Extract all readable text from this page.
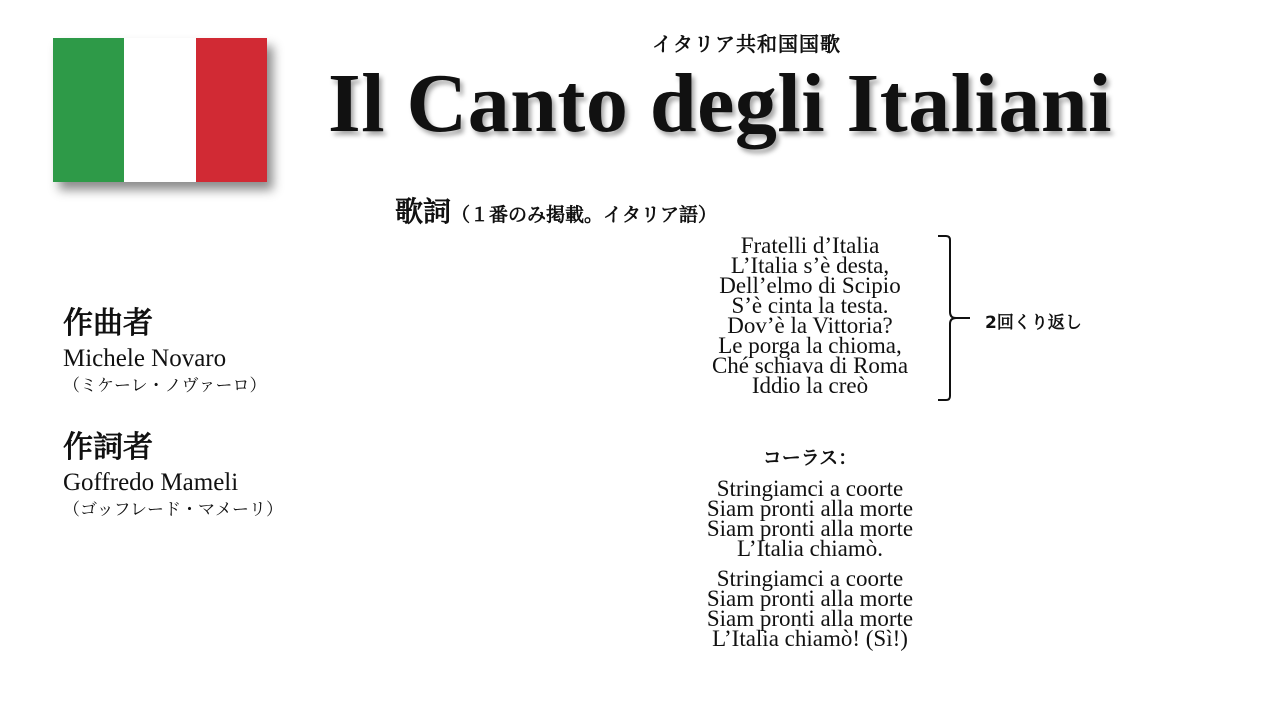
イタリア共和国国歌
Il Canto degli Italiani
歌詞（１番のみ掲載。イタリア語）
作曲者
Michele Novaro
（ミケーレ・ノヴァーロ）
作詞者
Goffredo Mameli
（ゴッフレード・マメーリ）
Fratelli d’Italia
L’Italia s’è desta,
Dell’elmo di Scipio
S’è cinta la testa.
Dov’è la Vittoria?
Le porga la chioma,
Ché schiava di Roma
Iddio la creò
2回くり返し
コーラス：
Stringiamci a coorte
Siam pronti alla morte
Siam pronti alla morte
L’Italia chiamò.
Stringiamci a coorte
Siam pronti alla morte
Siam pronti alla morte
L’Italia chiamò! (Sì!)
